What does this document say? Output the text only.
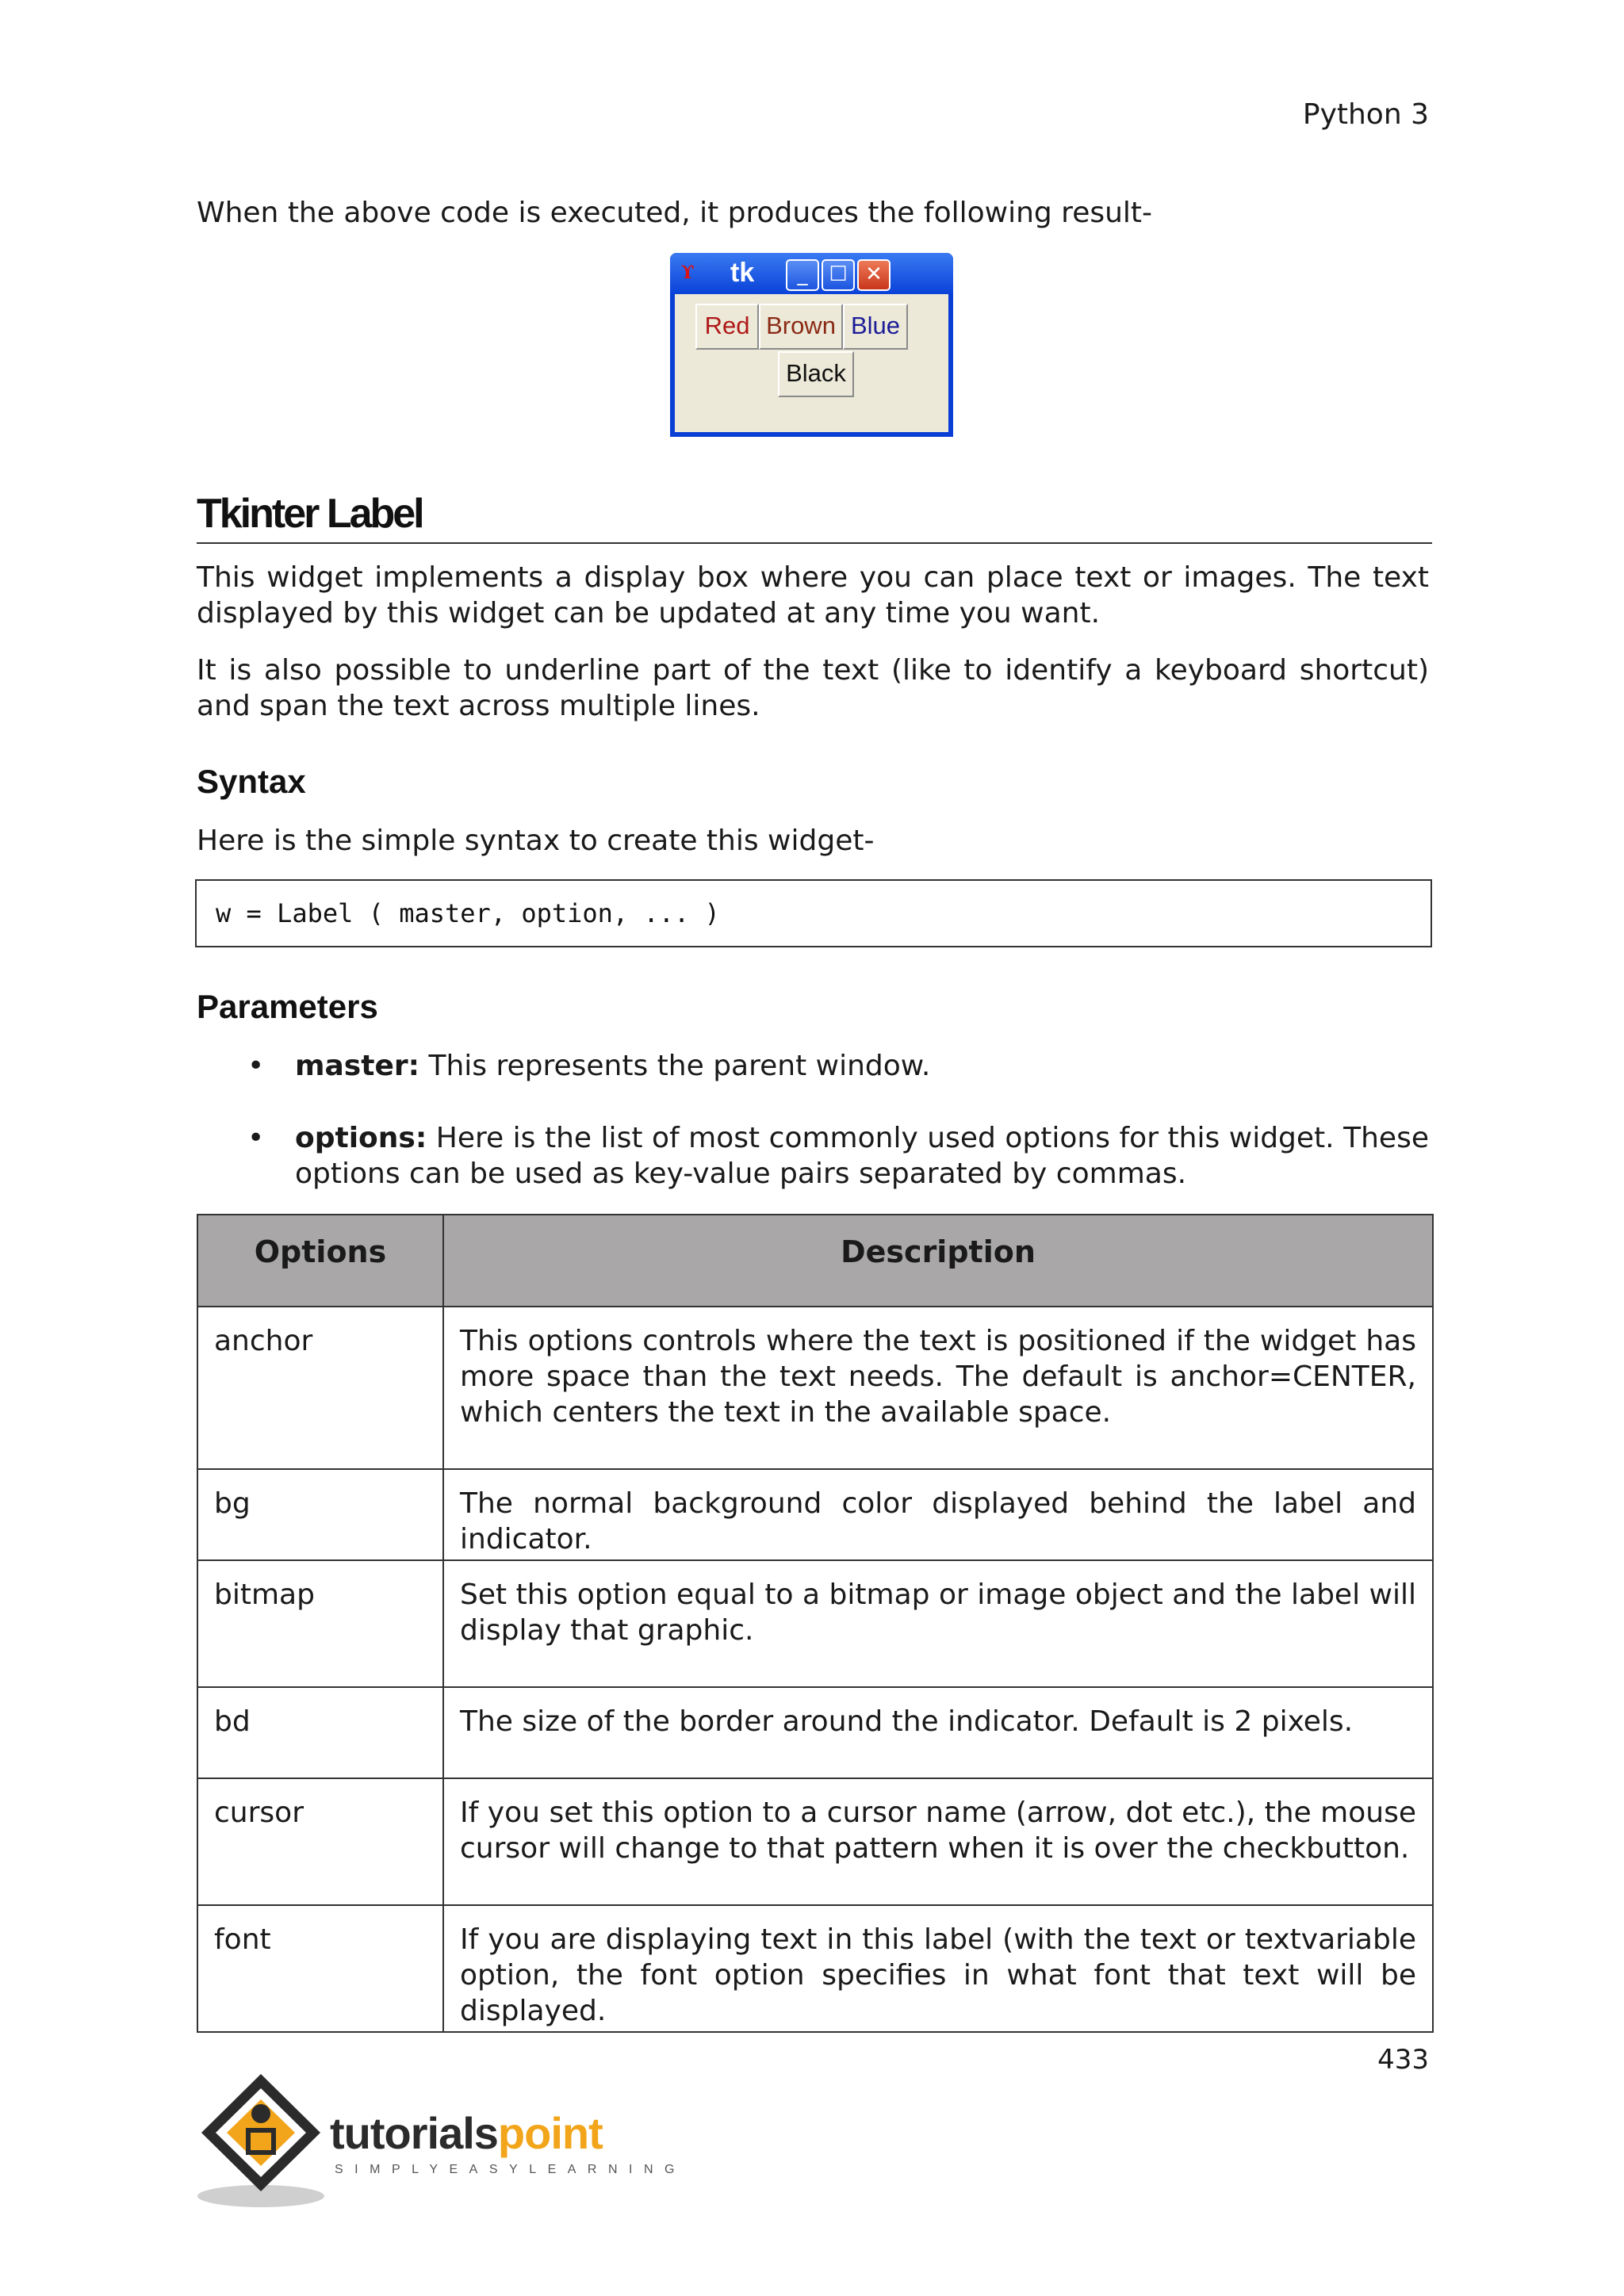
Python 3
When the above code is executed, it produces the following result-
ϒ tk	_	☐ ✕
Red Brown Blue
Black
Tkinter Label
This widget implements a display box where you can place text or images. The text displayed by this widget can be updated at any time you want.
It is also possible to underline part of the text (like to identify a keyboard shortcut) and span the text across multiple lines.
Syntax
Here is the simple syntax to create this widget-
w = Label ( master, option, ... )
Parameters
• master: This represents the parent window.
• options: Here is the list of most commonly used options for this widget. These options can be used as key-value pairs separated by commas.
Options	Description
anchor	This options controls where the text is positioned if the widget has more space than the text needs. The default is anchor=CENTER, which centers the text in the available space.
bg	The normal background color displayed behind the label and indicator.
bitmap	Set this option equal to a bitmap or image object and the label will display that graphic.
bd	The size of the border around the indicator. Default is 2 pixels.
cursor	If you set this option to a cursor name (arrow, dot etc.), the mouse cursor will change to that pattern when it is over the checkbutton.
font	If you are displaying text in this label (with the text or textvariable option, the font option specifies in what font that text will be displayed.
433
tutorialspoint
SIMPLYEASYLEARNING
